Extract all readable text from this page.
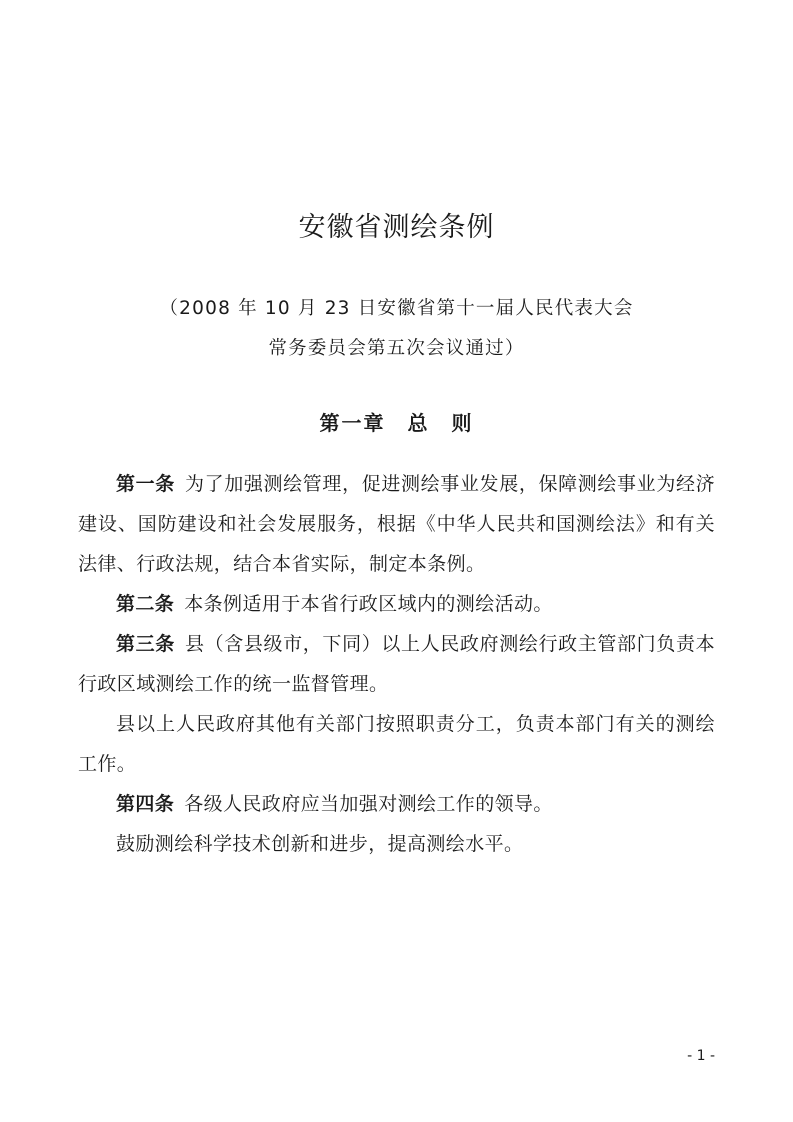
安徽省测绘条例
（2008 年 10 月 23 日安徽省第十一届人民代表大会
常务委员会第五次会议通过）
第一章　总　则

第一条 为了加强测绘管理，促进测绘事业发展，保障测绘事业为经济建设、国防建设和社会发展服务，根据《中华人民共和国测绘法》和有关法律、行政法规，结合本省实际，制定本条例。

第二条 本条例适用于本省行政区域内的测绘活动。

第三条 县（含县级市，下同）以上人民政府测绘行政主管部门负责本行政区域测绘工作的统一监督管理。

县以上人民政府其他有关部门按照职责分工，负责本部门有关的测绘工作。

第四条 各级人民政府应当加强对测绘工作的领导。

鼓励测绘科学技术创新和进步，提高测绘水平。

- 1 -
